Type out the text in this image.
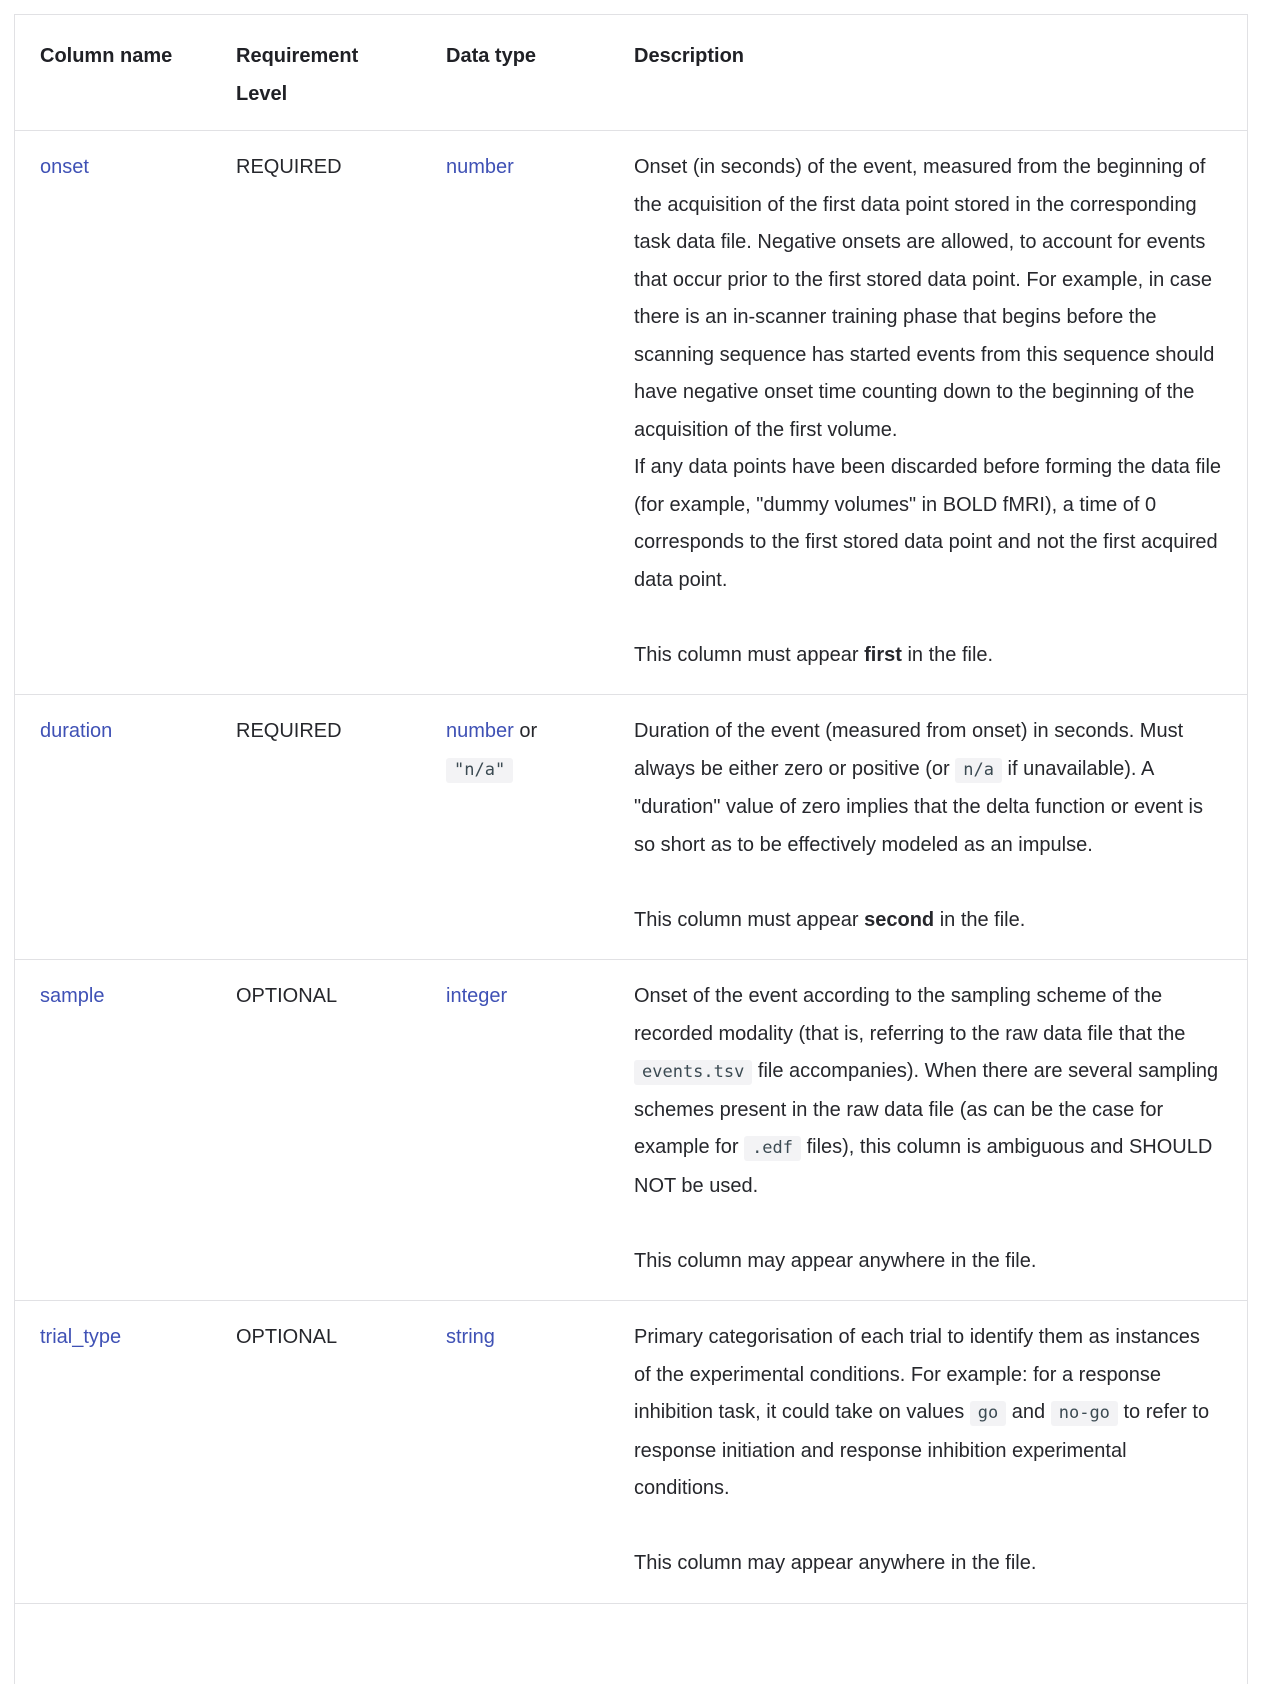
Column name	Requirement Level	Data type	Description
onset	REQUIRED	number	Onset (in seconds) of the event, measured from the beginning of the acquisition of the first data point stored in the corresponding task data file. Negative onsets are allowed, to account for events that occur prior to the first stored data point. For example, in case there is an in-scanner training phase that begins before the scanning sequence has started events from this sequence should have negative onset time counting down to the beginning of the acquisition of the first volume.
If any data points have been discarded before forming the data file (for example, "dummy volumes" in BOLD fMRI), a time of 0 corresponds to the first stored data point and not the first acquired data point.
This column must appear first in the file.
duration	REQUIRED	number or "n/a"	Duration of the event (measured from onset) in seconds. Must always be either zero or positive (or n/a if unavailable). A "duration" value of zero implies that the delta function or event is so short as to be effectively modeled as an impulse.
This column must appear second in the file.
sample	OPTIONAL	integer	Onset of the event according to the sampling scheme of the recorded modality (that is, referring to the raw data file that the events.tsv file accompanies). When there are several sampling schemes present in the raw data file (as can be the case for example for .edf files), this column is ambiguous and SHOULD NOT be used.
This column may appear anywhere in the file.
trial_type	OPTIONAL	string	Primary categorisation of each trial to identify them as instances of the experimental conditions. For example: for a response inhibition task, it could take on values go and no-go to refer to response initiation and response inhibition experimental conditions.
This column may appear anywhere in the file.
